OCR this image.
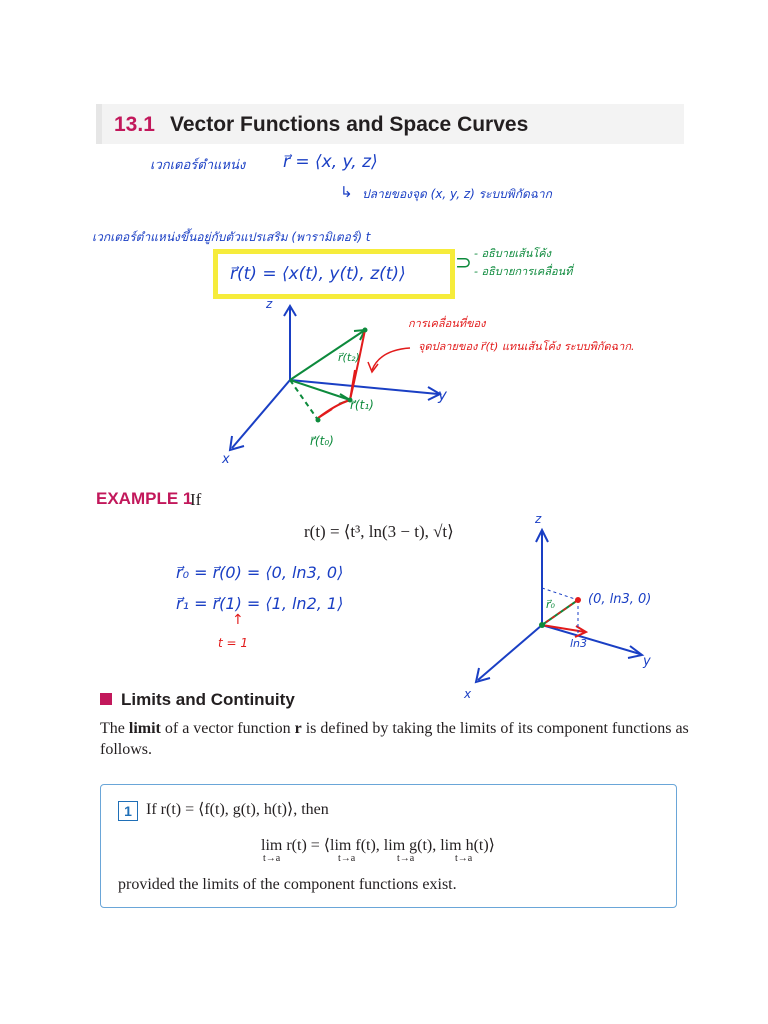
13.1 Vector Functions and Space Curves
เวกเตอร์ตำแหน่ง r⃗ = ⟨x, y, z⟩
↳ ปลายของจุด (x, y, z) ระบบพิกัดฉาก
เวกเตอร์ตำแหน่งขึ้นอยู่กับตัวแปรเสริม (พารามิเตอร์) t
r⃗(t) = ⟨x(t), y(t), z(t)⟩ ⊃ - อธิบายเส้นโค้ง
- อธิบายการเคลื่อนที่
การเคลื่อนที่ของ
จุดปลายของ r⃗(t) แทนเส้นโค้ง ระบบพิกัดฉาก.
z
y
x
r⃗(t₂)
r⃗(t₁)
r⃗(t₀)
EXAMPLE 1
If
r(t) = ⟨t³, ln(3 − t), √t⟩
r⃗₀ = r⃗(0) = ⟨0, ln3, 0⟩
r⃗₁ = r⃗(1) = ⟨1, ln2, 1⟩
↑
t = 1
z
y
x
(0, ln3, 0)
r⃗₀
ln3
Limits and Continuity
The limit of a vector function r is defined by taking the limits of its component functions as follows.
1 If r(t) = ⟨f(t), g(t), h(t)⟩, then
lim r(t) = ⟨lim f(t), lim g(t), lim h(t)⟩
t→a	t→a	t→a	t→a
provided the limits of the component functions exist.
